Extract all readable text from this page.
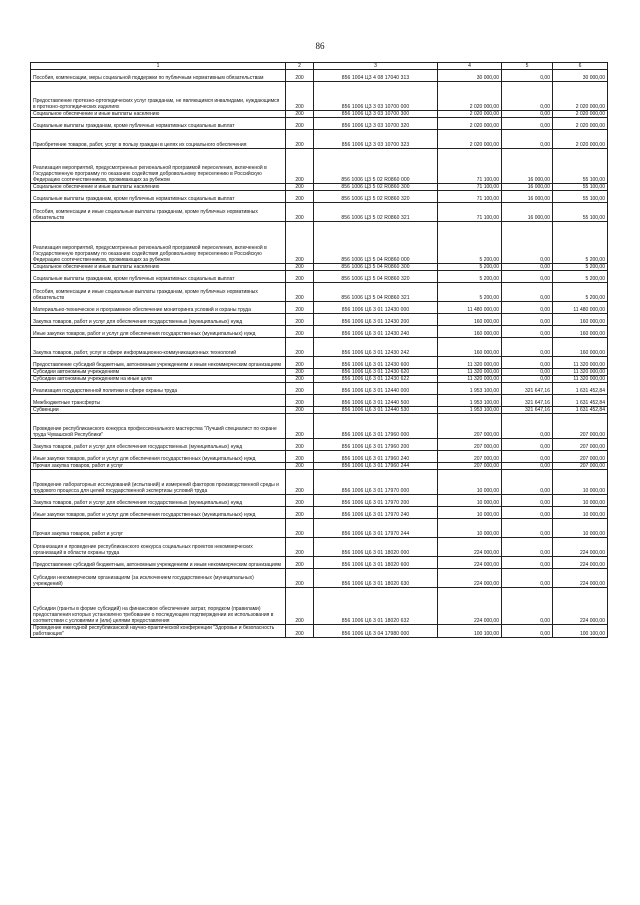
86
1	2	3	4	5	6
Пособия, компенсации, меры социальной поддержки по публичным нормативным обязательствам	200	856 1004 Ц3 4 08 17040 313	30 000,00	0,00	30 000,00
Предоставление протезно-ортопедических услуг гражданам, не являющимся инвалидами, нуждающимся в протезно-ортопедических изделиях	200	856 1006 Ц3 3 03 10700 000	2 020 000,00	0,00	2 020 000,00
Социальное обеспечение и иные выплаты населению	200	856 1006 Ц3 3 03 10700 300	2 020 000,00	0,00	2 020 000,00
Социальные выплаты гражданам, кроме публичных нормативных социальных выплат	200	856 1006 Ц3 3 03 10700 320	2 020 000,00	0,00	2 020 000,00
Приобретение товаров, работ, услуг в пользу граждан в целях их социального обеспечения	200	856 1006 Ц3 3 03 10700 323	2 020 000,00	0,00	2 020 000,00
Реализация мероприятий, предусмотренных региональной программой переселения, включенной в Государственную программу по оказанию содействия добровольному переселению в Российскую Федерацию соотечественников, проживающих за рубежом	200	856 1006 Ц3 5 02 R0860 000	71 100,00	16 000,00	55 100,00
Социальное обеспечение и иные выплаты населению	200	856 1006 Ц3 5 02 R0860 300	71 100,00	16 000,00	55 100,00
Социальные выплаты гражданам, кроме публичных нормативных социальных выплат	200	856 1006 Ц3 5 02 R0860 320	71 100,00	16 000,00	55 100,00
Пособия, компенсации и иные социальные выплаты гражданам, кроме публичных нормативных обязательств	200	856 1006 Ц3 5 02 R0860 321	71 100,00	16 000,00	55 100,00
Реализация мероприятий, предусмотренных региональной программой переселения, включенной в Государственную программу по оказанию содействия добровольному переселению в Российскую Федерацию соотечественников, проживающих за рубежом	200	856 1006 Ц3 5 04 R0860 000	5 200,00	0,00	5 200,00
Социальное обеспечение и иные выплаты населению	200	856 1006 Ц3 5 04 R0860 300	5 200,00	0,00	5 200,00
Социальные выплаты гражданам, кроме публичных нормативных социальных выплат	200	856 1006 Ц3 5 04 R0860 320	5 200,00	0,00	5 200,00
Пособия, компенсации и иные социальные выплаты гражданам, кроме публичных нормативных обязательств	200	856 1006 Ц3 5 04 R0860 321	5 200,00	0,00	5 200,00
Материально-техническое и программное обеспечение мониторинга условий и охраны труда	200	856 1006 Ц6 3 01 12430 000	11 480 000,00	0,00	11 480 000,00
Закупка товаров, работ и услуг для обеспечения государственных (муниципальных) нужд	200	856 1006 Ц6 3 01 12430 200	160 000,00	0,00	160 000,00
Иные закупки товаров, работ и услуг для обеспечения государственных (муниципальных) нужд	200	856 1006 Ц6 3 01 12430 240	160 000,00	0,00	160 000,00
Закупка товаров, работ, услуг в сфере информационно-коммуникационных технологий	200	856 1006 Ц6 3 01 12430 242	160 000,00	0,00	160 000,00
Предоставление субсидий бюджетным, автономным учреждениям и иным некоммерческим организациям	200	856 1006 Ц6 3 01 12430 600	11 320 000,00	0,00	11 320 000,00
Субсидии автономным учреждениям	200	856 1006 Ц6 3 01 12430 620	11 320 000,00	0,00	11 320 000,00
Субсидии автономным учреждениям на иные цели	200	856 1006 Ц6 3 01 12430 622	11 320 000,00	0,00	11 320 000,00
Реализация государственной политики в сфере охраны труда	200	856 1006 Ц6 3 01 12440 000	1 953 100,00	321 647,16	1 631 452,84
Межбюджетные трансферты	200	856 1006 Ц6 3 01 12440 500	1 953 100,00	321 647,16	1 631 452,84
Субвенции	200	856 1006 Ц6 3 01 12440 530	1 953 100,00	321 647,16	1 631 452,84
Проведение республиканского конкурса профессионального мастерства "Лучший специалист по охране труда Чувашской Республики"	200	856 1006 Ц6 3 01 17960 000	207 000,00	0,00	207 000,00
Закупка товаров, работ и услуг для обеспечения государственных (муниципальных) нужд	200	856 1006 Ц6 3 01 17960 200	207 000,00	0,00	207 000,00
Иные закупки товаров, работ и услуг для обеспечения государственных (муниципальных) нужд	200	856 1006 Ц6 3 01 17960 240	207 000,00	0,00	207 000,00
Прочая закупка товаров, работ и услуг	200	856 1006 Ц6 3 01 17960 244	207 000,00	0,00	207 000,00
Проведение лабораторных исследований (испытаний) и измерений факторов производственной среды и трудового процесса для целей государственной экспертизы условий труда	200	856 1006 Ц6 3 01 17970 000	10 000,00	0,00	10 000,00
Закупка товаров, работ и услуг для обеспечения государственных (муниципальных) нужд	200	856 1006 Ц6 3 01 17970 200	10 000,00	0,00	10 000,00
Иные закупки товаров, работ и услуг для обеспечения государственных (муниципальных) нужд	200	856 1006 Ц6 3 01 17970 240	10 000,00	0,00	10 000,00
Прочая закупка товаров, работ и услуг	200	856 1006 Ц6 3 01 17970 244	10 000,00	0,00	10 000,00
Организация и проведение республиканского конкурса социальных проектов некоммерческих организаций в области охраны труда	200	856 1006 Ц6 3 01 18020 000	224 000,00	0,00	224 000,00
Предоставление субсидий бюджетным, автономным учреждениям и иным некоммерческим организациям	200	856 1006 Ц6 3 01 18020 600	224 000,00	0,00	224 000,00
Субсидии некоммерческим организациям (за исключением государственных (муниципальных) учреждений)	200	856 1006 Ц6 3 01 18020 630	224 000,00	0,00	224 000,00
Субсидии (гранты в форме субсидий) на финансовое обеспечение затрат, порядком (правилами) предоставления которых установлено требование о последующем подтверждении их использования в соответствии с условиями и (или) целями предоставления	200	856 1006 Ц6 3 01 18020 632	224 000,00	0,00	224 000,00
Проведение ежегодной республиканской научно-практической конференции "Здоровье и безопасность работающих"	200	856 1006 Ц6 3 04 17980 000	100 100,00	0,00	100 100,00
